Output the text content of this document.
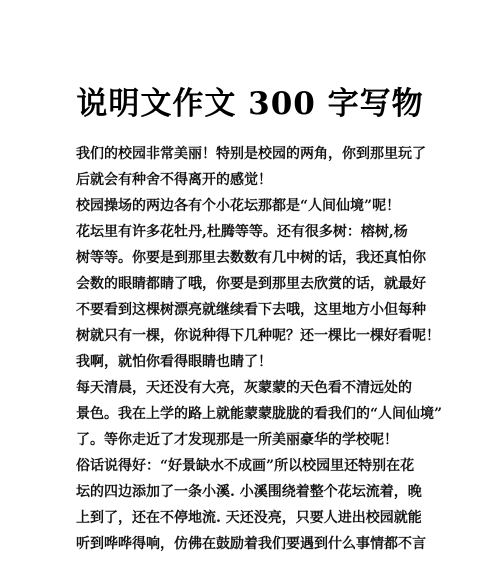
说明文作文 300 字写物
我们的校园非常美丽！特别是校园的两角，你到那里玩了
后就会有种舍不得离开的感觉！
校园操场的两边各有个小花坛那都是“人间仙境”呢！
花坛里有许多花牡丹,杜腾等等。还有很多树：榕树,杨
树等等。你要是到那里去数数有几中树的话，我还真怕你
会数的眼睛都睛了哦，你要是到那里去欣赏的话，就最好
不要看到这棵树漂亮就继续看下去哦，这里地方小但每种
树就只有一棵，你说种得下几种呢？还一棵比一棵好看呢！
我啊，就怕你看得眼睛也睛了！
每天清晨，天还没有大亮，灰蒙蒙的天色看不清远处的
景色。我在上学的路上就能蒙蒙胧胧的看我们的“人间仙境”
了。等你走近了才发现那是一所美丽豪华的学校呢！
俗话说得好：“好景缺水不成画”所以校园里还特别在花
坛的四边添加了一条小溪. 小溪围绕着整个花坛流着，晚
上到了，还在不停地流. 天还没亮，只要人进出校园就能
听到哗哗得响，仿佛在鼓励着我们要遇到什么事情都不言
